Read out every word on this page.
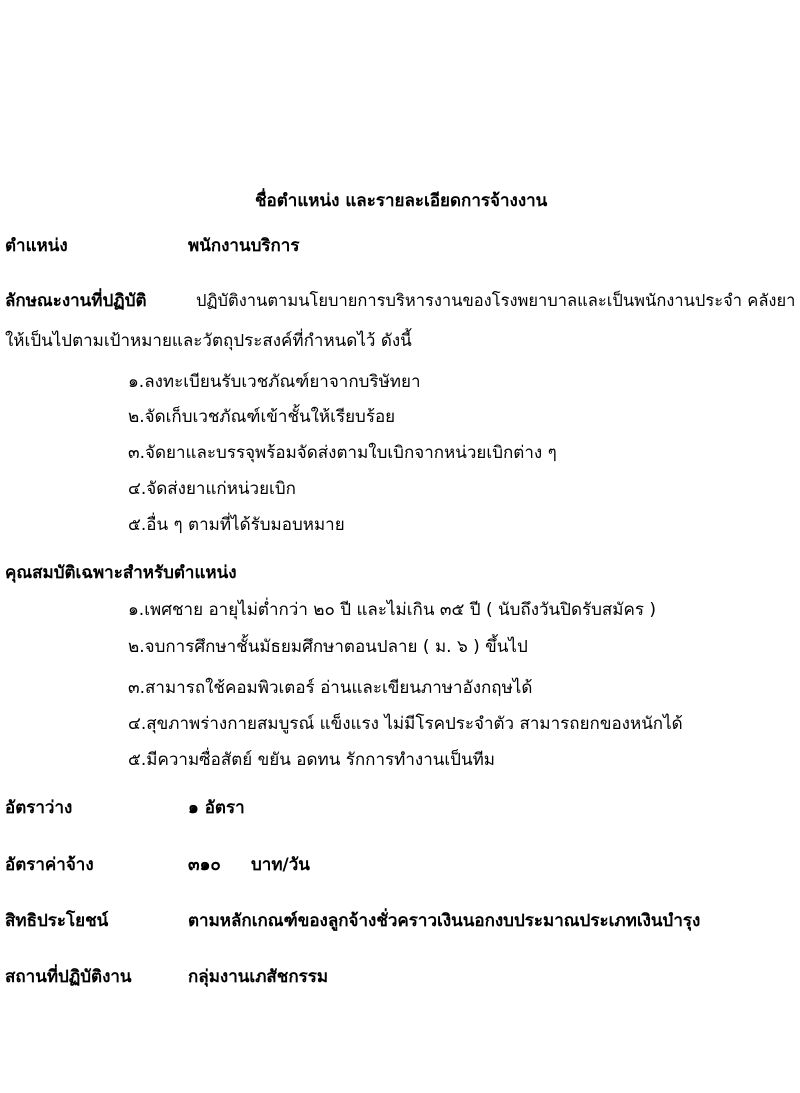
ชื่อตำแหน่ง และรายละเอียดการจ้างงาน
ตำแหน่ง	พนักงานบริการ
ลักษณะงานที่ปฏิบัติ	ปฏิบัติงานตามนโยบายการบริหารงานของโรงพยาบาลและเป็นพนักงานประจำ คลังยา
ให้เป็นไปตามเป้าหมายและวัตถุประสงค์ที่กำหนดไว้ ดังนี้
๑.ลงทะเบียนรับเวชภัณฑ์ยาจากบริษัทยา
๒.จัดเก็บเวชภัณฑ์เข้าชั้นให้เรียบร้อย
๓.จัดยาและบรรจุพร้อมจัดส่งตามใบเบิกจากหน่วยเบิกต่าง ๆ
๔.จัดส่งยาแก่หน่วยเบิก
๕.อื่น ๆ ตามที่ได้รับมอบหมาย
คุณสมบัติเฉพาะสำหรับตำแหน่ง
๑.เพศชาย อายุไม่ต่ำกว่า ๒๐ ปี และไม่เกิน ๓๕ ปี ( นับถึงวันปิดรับสมัคร )
๒.จบการศึกษาชั้นมัธยมศึกษาตอนปลาย ( ม. ๖ ) ขึ้นไป
๓.สามารถใช้คอมพิวเตอร์ อ่านและเขียนภาษาอังกฤษได้
๔.สุขภาพร่างกายสมบูรณ์ แข็งแรง ไม่มีโรคประจำตัว สามารถยกของหนักได้
๕.มีความซื่อสัตย์ ขยัน อดทน รักการทำงานเป็นทีม
อัตราว่าง	๑ อัตรา
อัตราค่าจ้าง	๓๑๐ บาท/วัน
สิทธิประโยชน์	ตามหลักเกณฑ์ของลูกจ้างชั่วคราวเงินนอกงบประมาณประเภทเงินบำรุง
สถานที่ปฏิบัติงาน	กลุ่มงานเภสัชกรรม
